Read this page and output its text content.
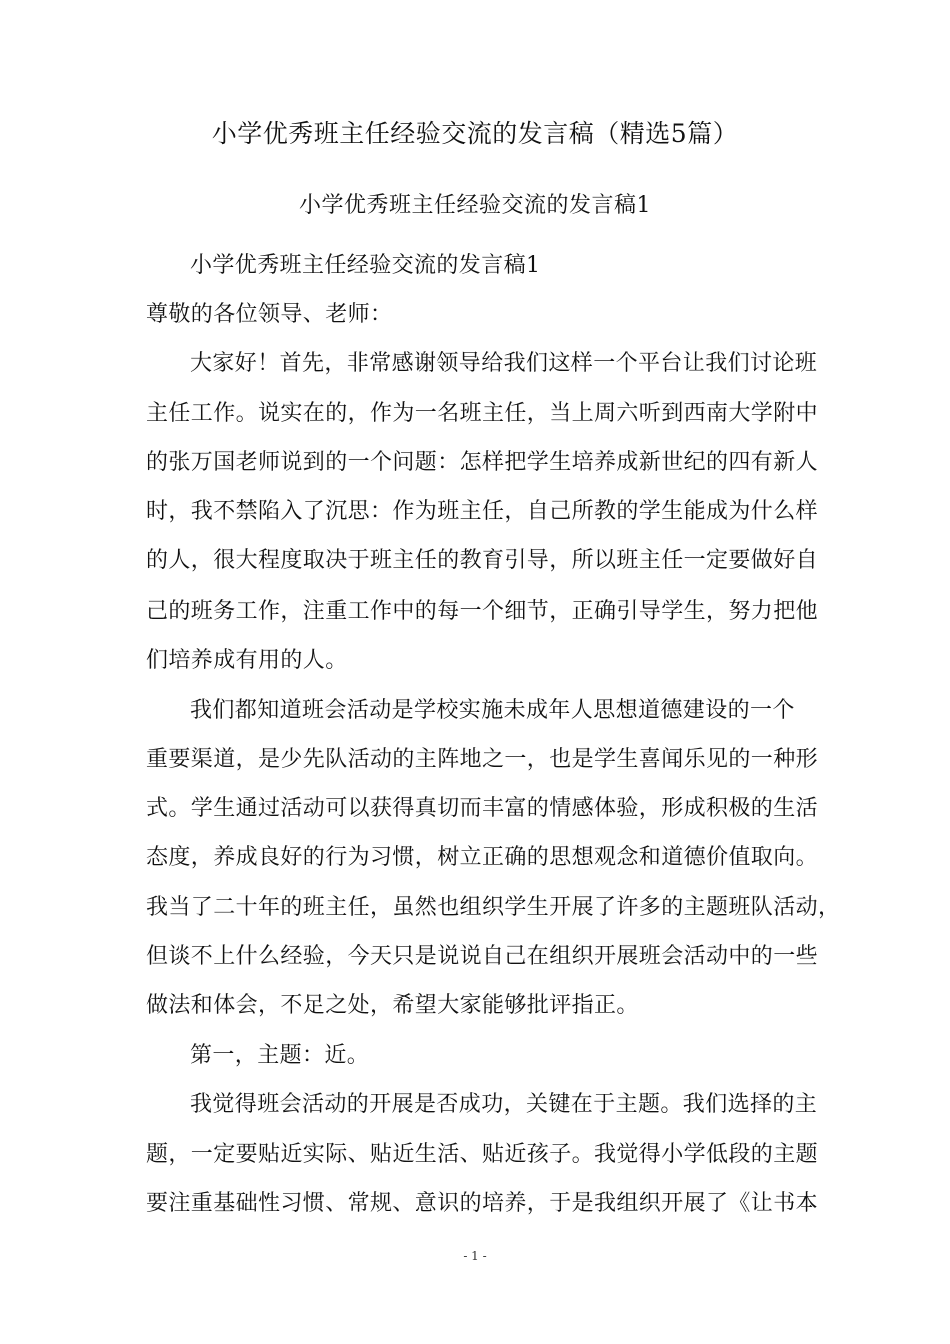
小学优秀班主任经验交流的发言稿（精选5篇）
小学优秀班主任经验交流的发言稿1
小学优秀班主任经验交流的发言稿1
尊敬的各位领导、老师：
大家好！首先，非常感谢领导给我们这样一个平台让我们讨论班
主任工作。说实在的，作为一名班主任，当上周六听到西南大学附中
的张万国老师说到的一个问题：怎样把学生培养成新世纪的四有新人
时，我不禁陷入了沉思：作为班主任，自己所教的学生能成为什么样
的人，很大程度取决于班主任的教育引导，所以班主任一定要做好自
己的班务工作，注重工作中的每一个细节，正确引导学生，努力把他
们培养成有用的人。
我们都知道班会活动是学校实施未成年人思想道德建设的一个
重要渠道，是少先队活动的主阵地之一，也是学生喜闻乐见的一种形
式。学生通过活动可以获得真切而丰富的情感体验，形成积极的生活
态度，养成良好的行为习惯，树立正确的思想观念和道德价值取向。
我当了二十年的班主任，虽然也组织学生开展了许多的主题班队活动，
但谈不上什么经验，今天只是说说自己在组织开展班会活动中的一些
做法和体会，不足之处，希望大家能够批评指正。
第一，主题：近。
我觉得班会活动的开展是否成功，关键在于主题。我们选择的主
题，一定要贴近实际、贴近生活、贴近孩子。我觉得小学低段的主题
要注重基础性习惯、常规、意识的培养，于是我组织开展了《让书本
- 1 -
